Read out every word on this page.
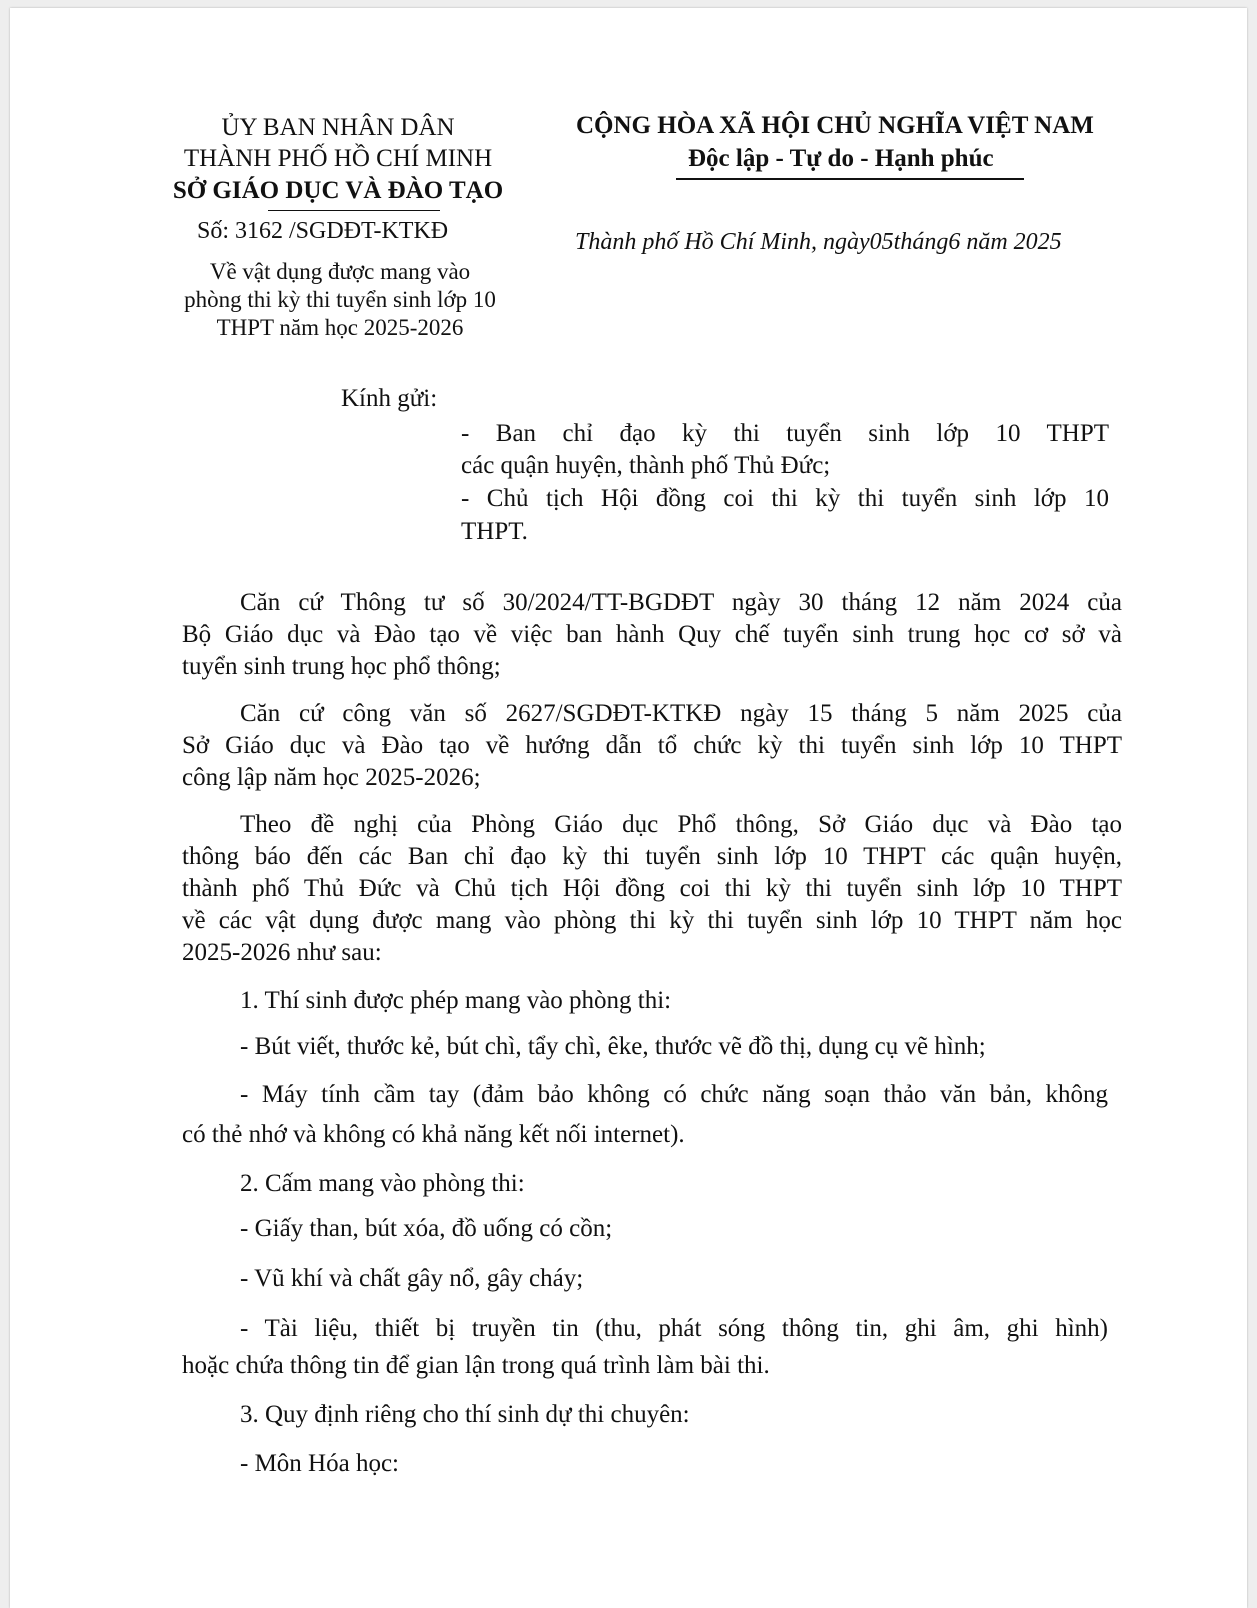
ỦY BAN NHÂN DÂN
THÀNH PHỐ HỒ CHÍ MINH
SỞ GIÁO DỤC VÀ ĐÀO TẠO
Số: 3162 /SGDĐT-KTKĐ
Về vật dụng được mang vào
phòng thi kỳ thi tuyển sinh lớp 10
THPT năm học 2025-2026
CỘNG HÒA XÃ HỘI CHỦ NGHĨA VIỆT NAM
Độc lập - Tự do - Hạnh phúc
Thành phố Hồ Chí Minh, ngày05tháng6 năm 2025
Kính gửi:
- Ban chỉ đạo kỳ thi tuyển sinh lớp 10 THPT
các quận huyện, thành phố Thủ Đức;
- Chủ tịch Hội đồng coi thi kỳ thi tuyển sinh lớp 10
THPT.
Căn cứ Thông tư số 30/2024/TT-BGDĐT ngày 30 tháng 12 năm 2024 của
Bộ Giáo dục và Đào tạo về việc ban hành Quy chế tuyển sinh trung học cơ sở và
tuyển sinh trung học phổ thông;
Căn cứ công văn số 2627/SGDĐT-KTKĐ ngày 15 tháng 5 năm 2025 của
Sở Giáo dục và Đào tạo về hướng dẫn tổ chức kỳ thi tuyển sinh lớp 10 THPT
công lập năm học 2025-2026;
Theo đề nghị của Phòng Giáo dục Phổ thông, Sở Giáo dục và Đào tạo
thông báo đến các Ban chỉ đạo kỳ thi tuyển sinh lớp 10 THPT các quận huyện,
thành phố Thủ Đức và Chủ tịch Hội đồng coi thi kỳ thi tuyển sinh lớp 10 THPT
về các vật dụng được mang vào phòng thi kỳ thi tuyển sinh lớp 10 THPT năm học
2025-2026 như sau:
1. Thí sinh được phép mang vào phòng thi:
- Bút viết, thước kẻ, bút chì, tẩy chì, êke, thước vẽ đồ thị, dụng cụ vẽ hình;
- Máy tính cầm tay (đảm bảo không có chức năng soạn thảo văn bản, không
có thẻ nhớ và không có khả năng kết nối internet).
2. Cấm mang vào phòng thi:
- Giấy than, bút xóa, đồ uống có cồn;
- Vũ khí và chất gây nổ, gây cháy;
- Tài liệu, thiết bị truyền tin (thu, phát sóng thông tin, ghi âm, ghi hình)
hoặc chứa thông tin để gian lận trong quá trình làm bài thi.
3. Quy định riêng cho thí sinh dự thi chuyên:
- Môn Hóa học:
